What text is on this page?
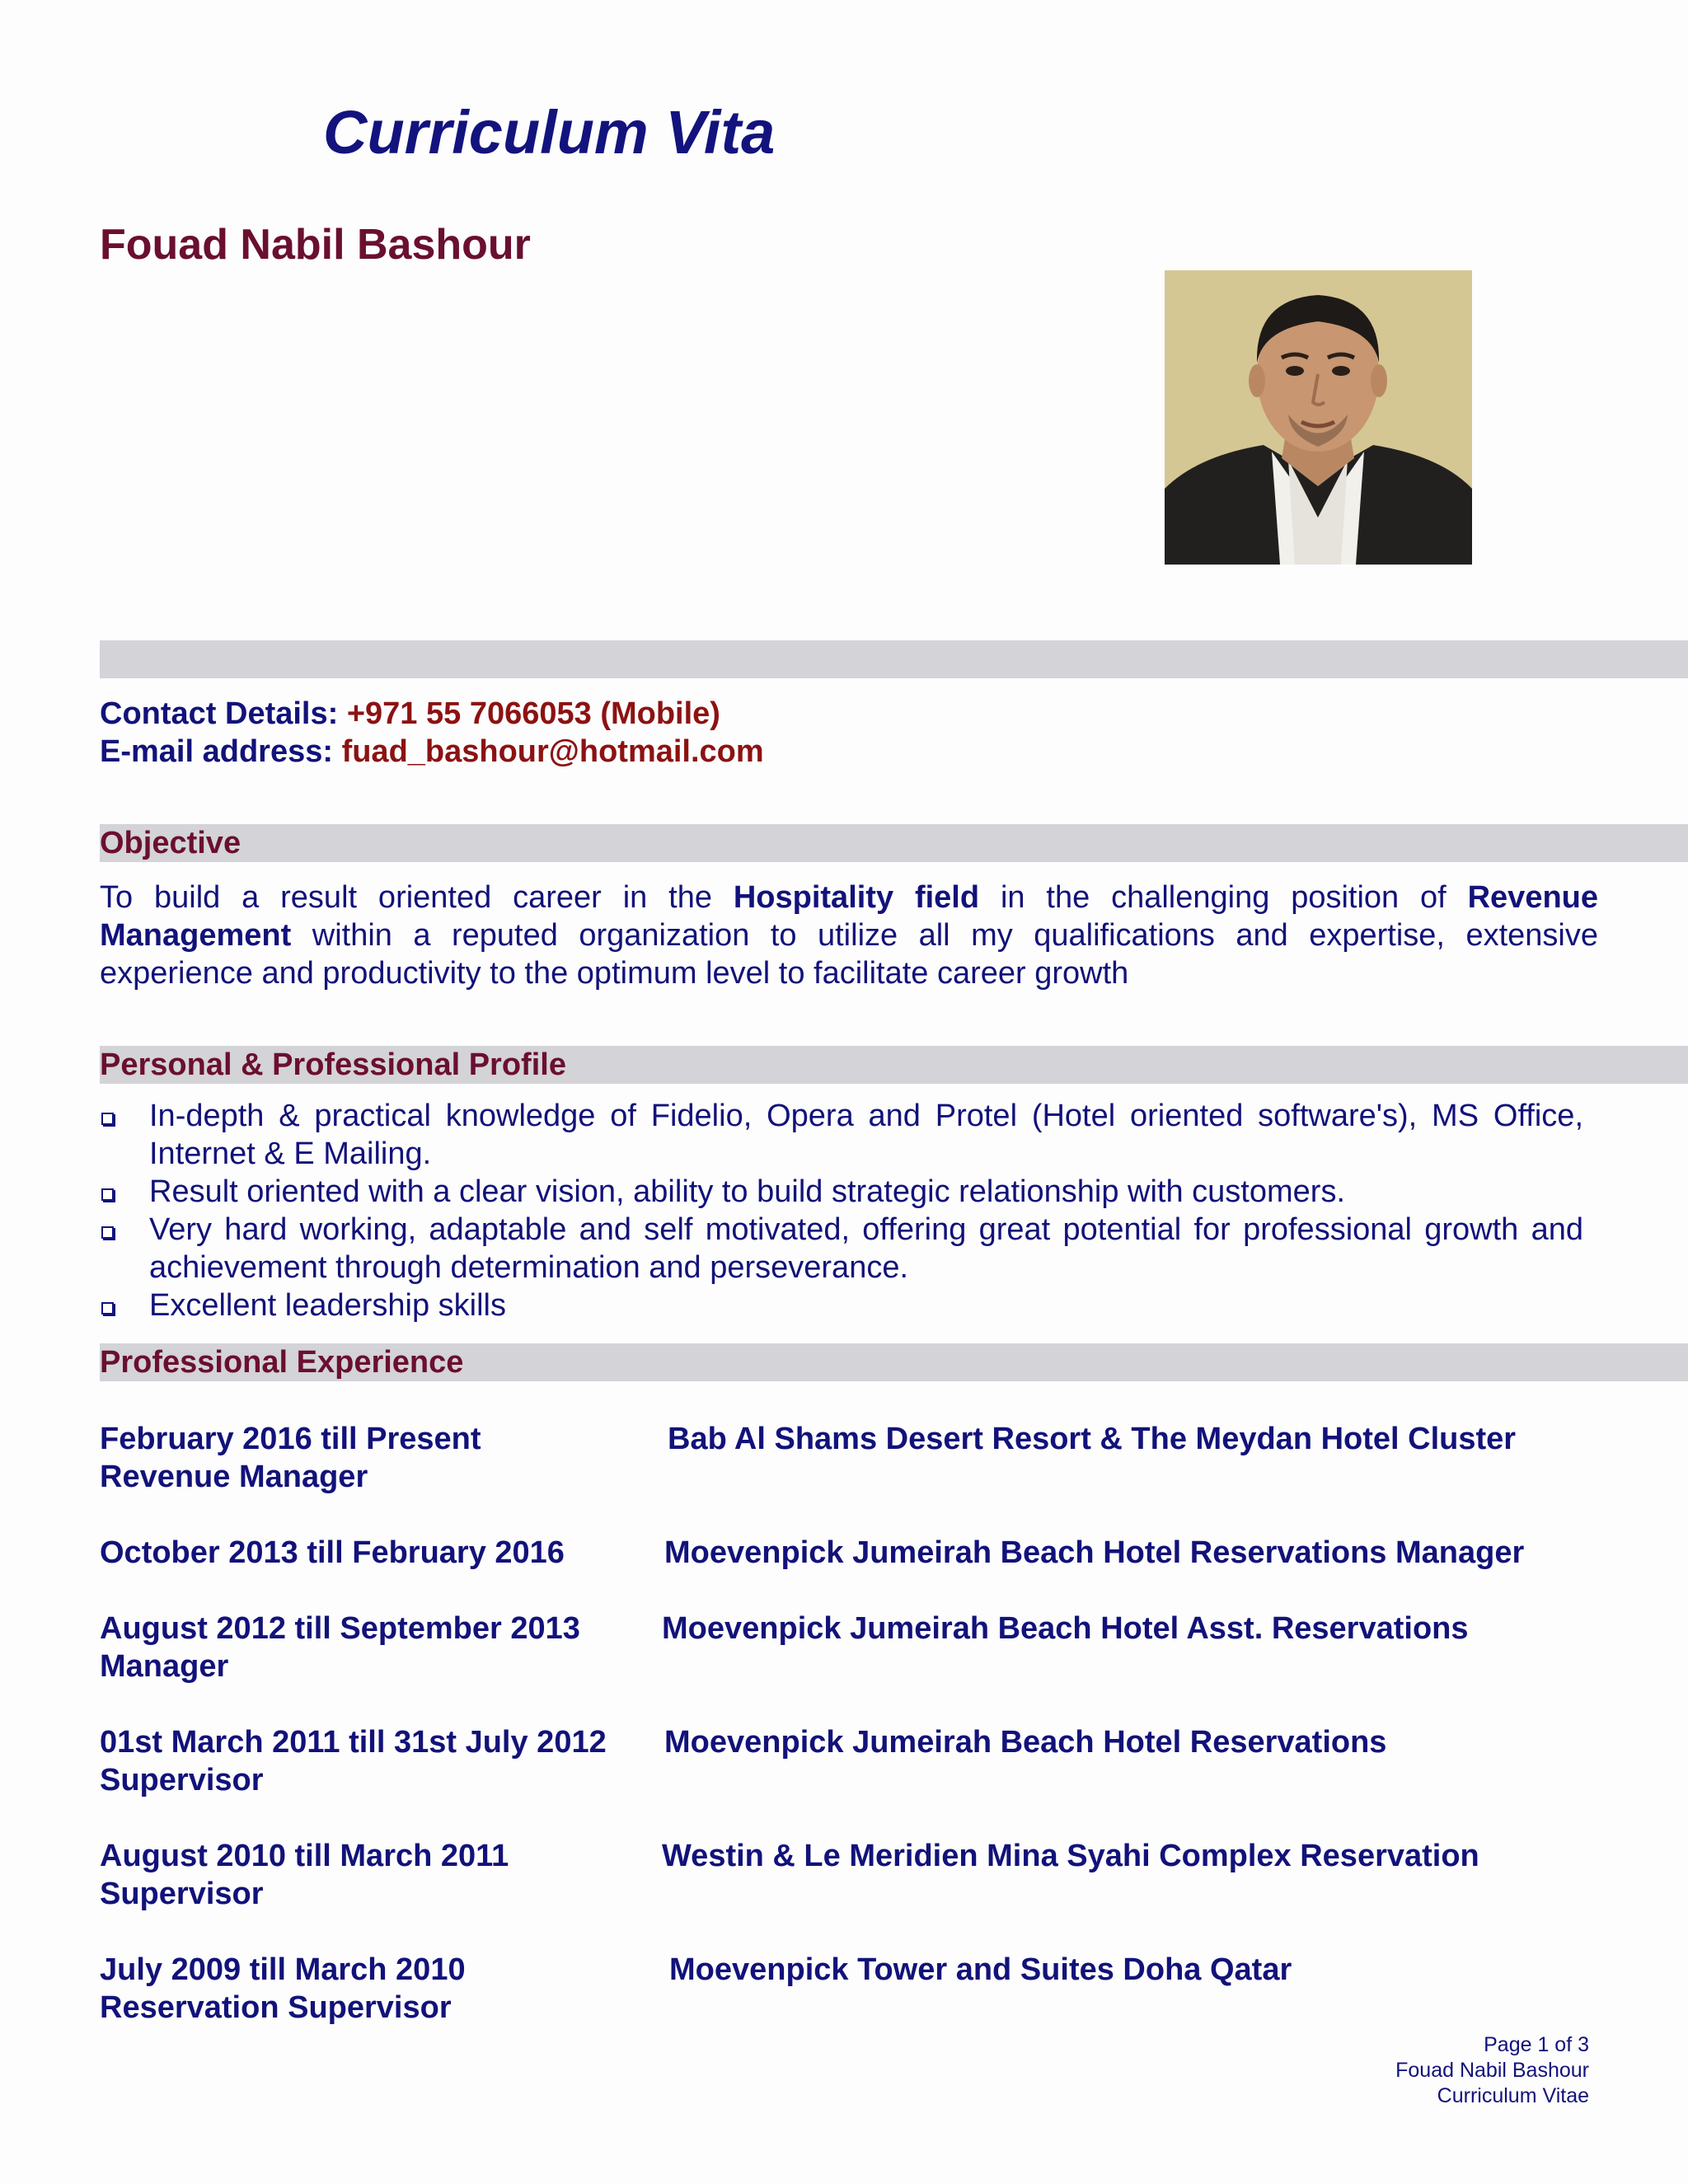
Curriculum Vita
Fouad Nabil Bashour
Contact Details: +971 55 7066053 (Mobile)
E-mail address: fuad_bashour@hotmail.com
Objective
To build a result oriented career in the Hospitality field in the challenging position of Revenue Management within a reputed organization to utilize all my qualifications and expertise, extensive experience and productivity to the optimum level to facilitate career growth
Personal & Professional Profile
In-depth & practical knowledge of Fidelio, Opera and Protel (Hotel oriented software's), MS Office, Internet & E Mailing.
Result oriented with a clear vision, ability to build strategic relationship with customers.
Very hard working, adaptable and self motivated, offering great potential for professional growth and achievement through determination and perseverance.
Excellent leadership skills
Professional Experience
February 2016 till Present	Bab Al Shams Desert Resort & The Meydan Hotel Cluster
Revenue Manager
October 2013 till February 2016	Moevenpick Jumeirah Beach Hotel Reservations Manager
August 2012 till September 2013	Moevenpick Jumeirah Beach Hotel Asst. Reservations
Manager
01st March 2011 till 31st July 2012 Moevenpick Jumeirah Beach Hotel Reservations
Supervisor
August 2010 till March 2011	Westin & Le Meridien Mina Syahi Complex Reservation
Supervisor
July 2009 till March 2010	Moevenpick Tower and Suites Doha Qatar
Reservation Supervisor
Page 1 of 3
Fouad Nabil Bashour
Curriculum Vitae
